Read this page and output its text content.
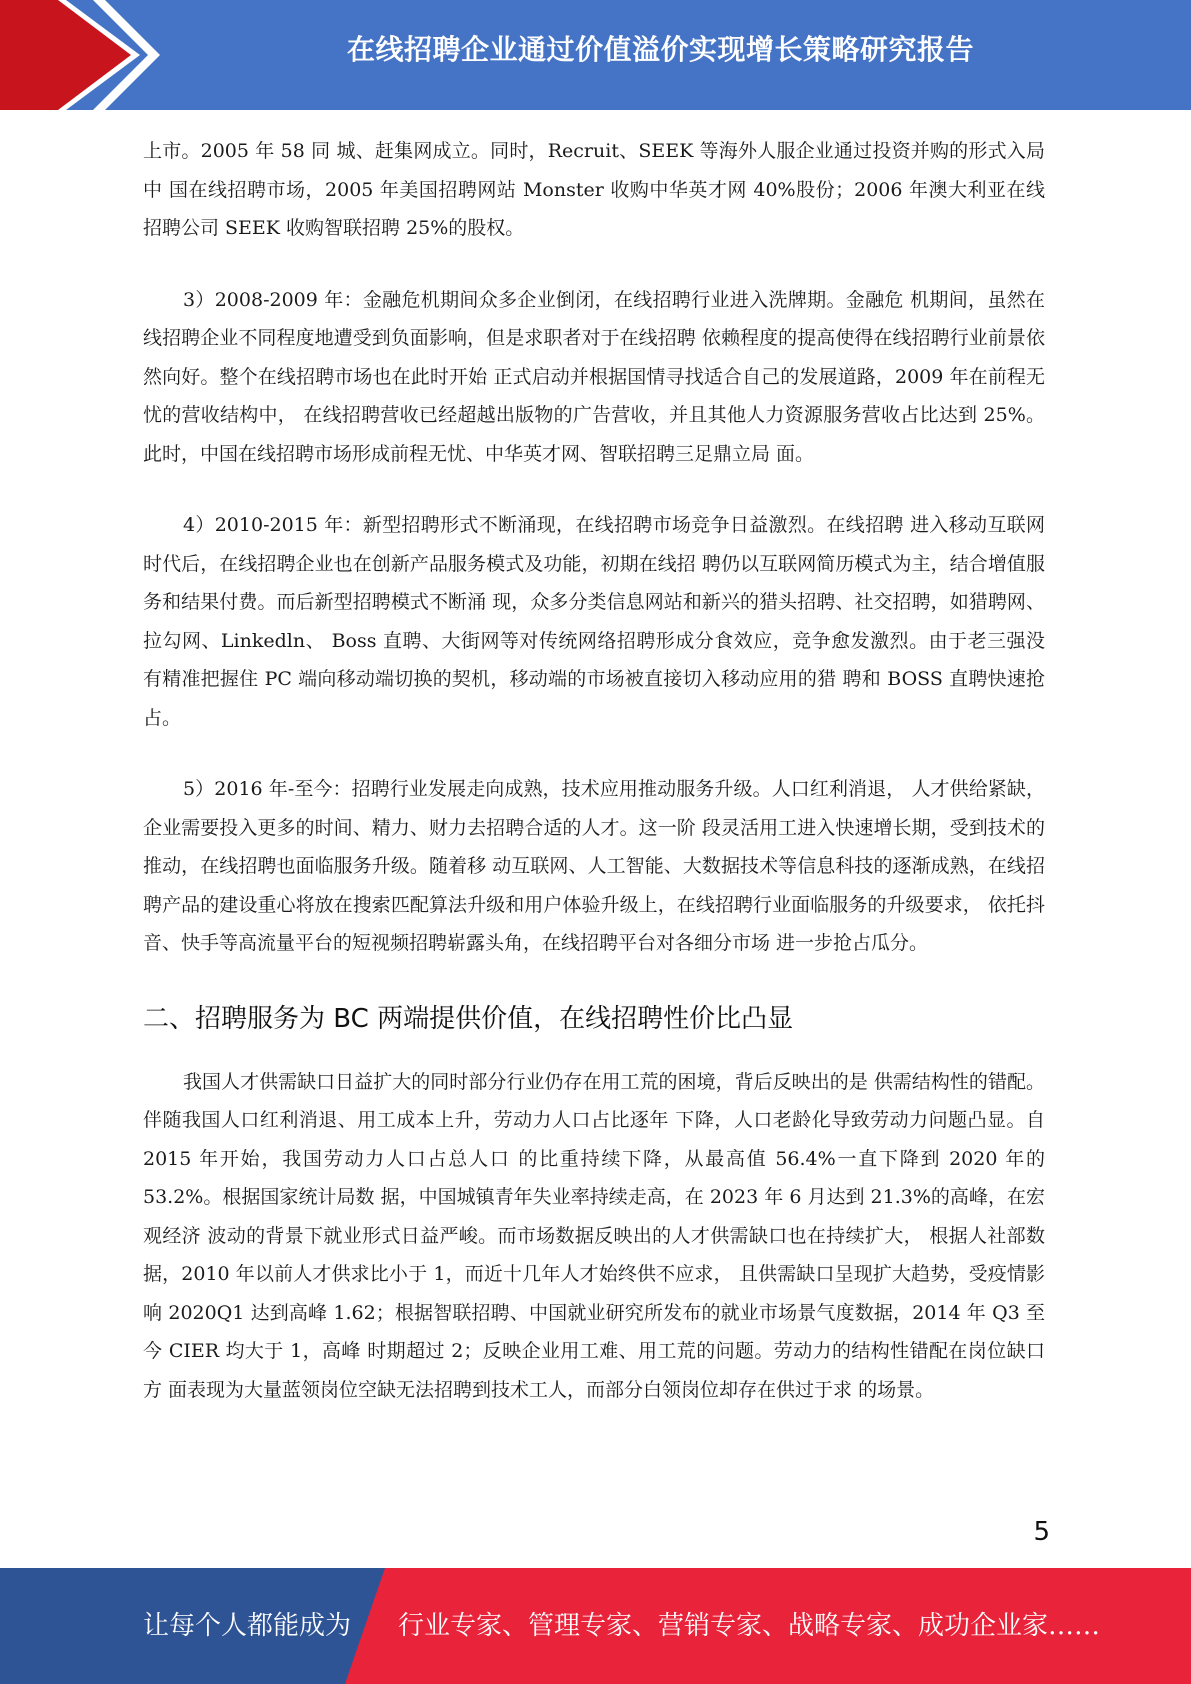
在线招聘企业通过价值溢价实现增长策略研究报告

上市。2005 年 58 同 城、赶集网成立。同时，Recruit、SEEK 等海外人服企业通过投资并购的形式入局中 国在线招聘市场，2005 年美国招聘网站 Monster 收购中华英才网 40%股份；2006 年澳大利亚在线招聘公司 SEEK 收购智联招聘 25%的股权。

3）2008-2009 年：金融危机期间众多企业倒闭，在线招聘行业进入洗牌期。金融危 机期间，虽然在线招聘企业不同程度地遭受到负面影响，但是求职者对于在线招聘 依赖程度的提高使得在线招聘行业前景依然向好。整个在线招聘市场也在此时开始 正式启动并根据国情寻找适合自己的发展道路，2009 年在前程无忧的营收结构中， 在线招聘营收已经超越出版物的广告营收，并且其他人力资源服务营收占比达到 25%。此时，中国在线招聘市场形成前程无忧、中华英才网、智联招聘三足鼎立局 面。

4）2010-2015 年：新型招聘形式不断涌现，在线招聘市场竞争日益激烈。在线招聘 进入移动互联网时代后，在线招聘企业也在创新产品服务模式及功能，初期在线招 聘仍以互联网简历模式为主，结合增值服务和结果付费。而后新型招聘模式不断涌 现，众多分类信息网站和新兴的猎头招聘、社交招聘，如猎聘网、拉勾网、Linkedln、 Boss 直聘、大街网等对传统网络招聘形成分食效应，竞争愈发激烈。由于老三强没 有精准把握住 PC 端向移动端切换的契机，移动端的市场被直接切入移动应用的猎 聘和 BOSS 直聘快速抢占。

5）2016 年-至今：招聘行业发展走向成熟，技术应用推动服务升级。人口红利消退， 人才供给紧缺，企业需要投入更多的时间、精力、财力去招聘合适的人才。这一阶 段灵活用工进入快速增长期，受到技术的推动，在线招聘也面临服务升级。随着移 动互联网、人工智能、大数据技术等信息科技的逐渐成熟，在线招聘产品的建设重心将放在搜索匹配算法升级和用户体验升级上，在线招聘行业面临服务的升级要求， 依托抖音、快手等高流量平台的短视频招聘崭露头角，在线招聘平台对各细分市场 进一步抢占瓜分。

二、招聘服务为 BC 两端提供价值，在线招聘性价比凸显

我国人才供需缺口日益扩大的同时部分行业仍存在用工荒的困境，背后反映出的是 供需结构性的错配。伴随我国人口红利消退、用工成本上升，劳动力人口占比逐年 下降，人口老龄化导致劳动力问题凸显。自 2015 年开始，我国劳动力人口占总人口 的比重持续下降，从最高值 56.4%一直下降到 2020 年的 53.2%。根据国家统计局数 据，中国城镇青年失业率持续走高，在 2023 年 6 月达到 21.3%的高峰，在宏观经济 波动的背景下就业形式日益严峻。而市场数据反映出的人才供需缺口也在持续扩大， 根据人社部数据，2010 年以前人才供求比小于 1，而近十几年人才始终供不应求， 且供需缺口呈现扩大趋势，受疫情影响 2020Q1 达到高峰 1.62；根据智联招聘、中国就业研究所发布的就业市场景气度数据，2014 年 Q3 至今 CIER 均大于 1，高峰 时期超过 2；反映企业用工难、用工荒的问题。劳动力的结构性错配在岗位缺口方 面表现为大量蓝领岗位空缺无法招聘到技术工人，而部分白领岗位却存在供过于求 的场景。

5
让每个人都能成为 行业专家、管理专家、营销专家、战略专家、成功企业家……
